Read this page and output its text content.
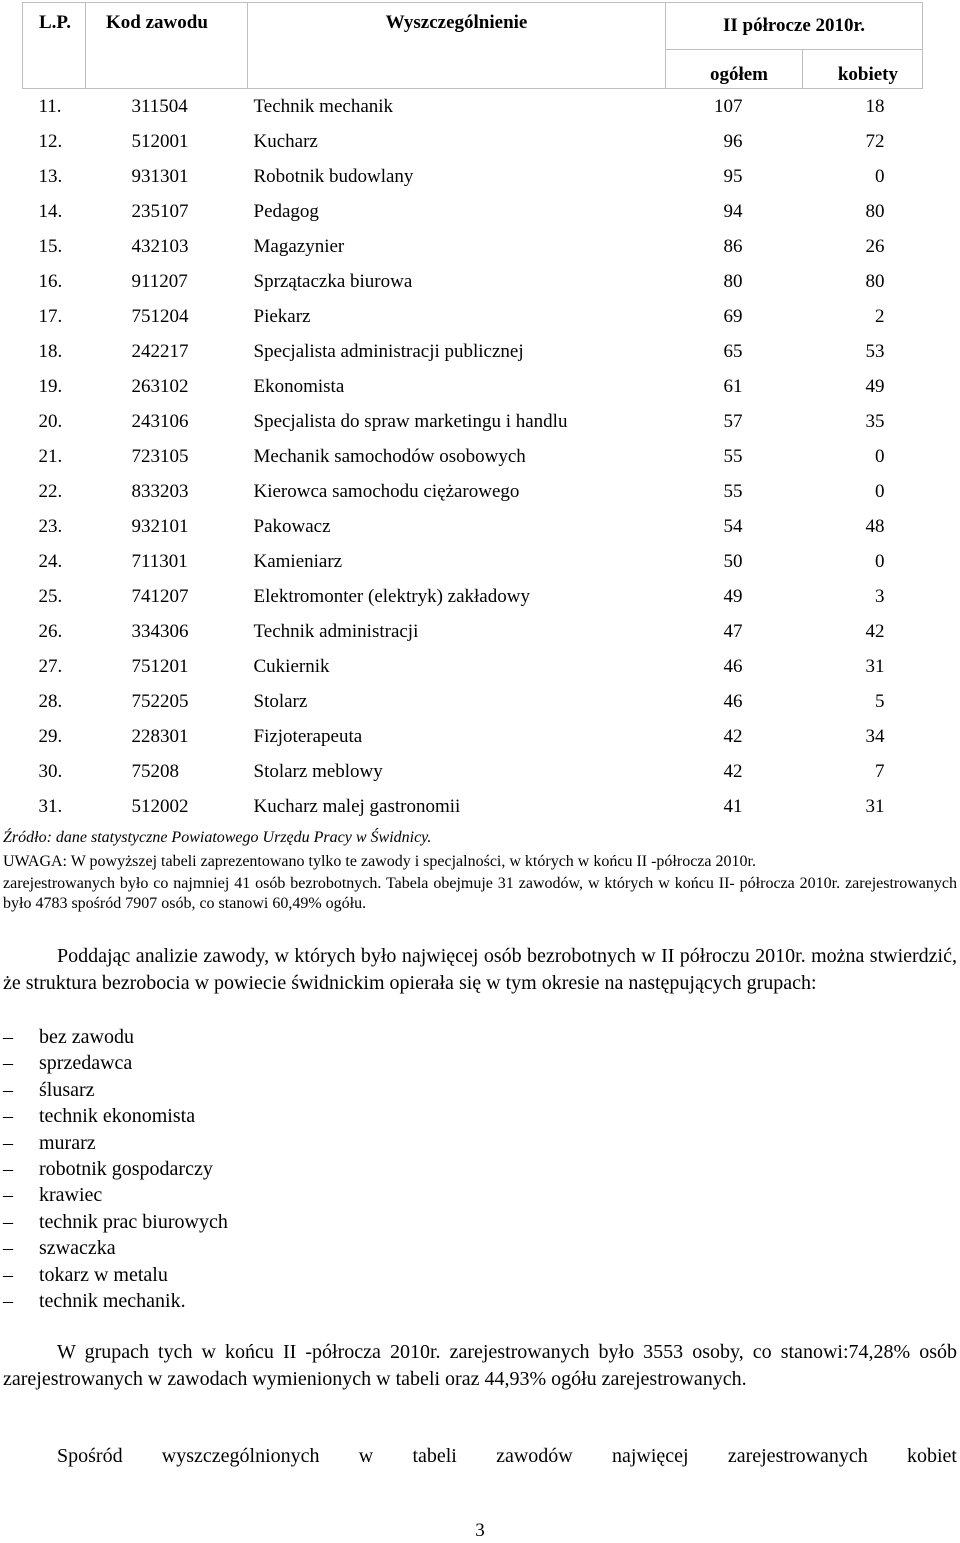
L.P.	Kod zawodu	Wyszczególnienie	II półrocze 2010r.	
			ogółem	kobiety
11.	311504	Technik mechanik	107	18
12.	512001	Kucharz	96	72
13.	931301	Robotnik budowlany	95	0
14.	235107	Pedagog	94	80
15.	432103	Magazynier	86	26
16.	911207	Sprzątaczka biurowa	80	80
17.	751204	Piekarz	69	2
18.	242217	Specjalista administracji publicznej	65	53
19.	263102	Ekonomista	61	49
20.	243106	Specjalista do spraw marketingu i handlu	57	35
21.	723105	Mechanik samochodów osobowych	55	0
22.	833203	Kierowca samochodu ciężarowego	55	0
23.	932101	Pakowacz	54	48
24.	711301	Kamieniarz	50	0
25.	741207	Elektromonter (elektryk) zakładowy	49	3
26.	334306	Technik administracji	47	42
27.	751201	Cukiernik	46	31
28.	752205	Stolarz	46	5
29.	228301	Fizjoterapeuta	42	34
30.	75208	Stolarz meblowy	42	7
31.	512002	Kucharz malej gastronomii	41	31
Źródło: dane statystyczne Powiatowego Urzędu Pracy w Świdnicy.
UWAGA: W powyższej tabeli zaprezentowano tylko te zawody i specjalności, w których w końcu II -półrocza 2010r.
zarejestrowanych było co najmniej 41 osób bezrobotnych. Tabela obejmuje 31 zawodów, w których w końcu II- półrocza 2010r. zarejestrowanych było 4783 spośród 7907 osób, co stanowi 60,49% ogółu.
Poddając analizie zawody, w których było najwięcej osób bezrobotnych w II półroczu 2010r. można stwierdzić, że struktura bezrobocia w powiecie świdnickim opierała się w tym okresie na następujących grupach:
–	bez zawodu
–	sprzedawca
–	ślusarz
–	technik ekonomista
–	murarz
–	robotnik gospodarczy
–	krawiec
–	technik prac biurowych
–	szwaczka
–	tokarz w metalu
–	technik mechanik.
W grupach tych w końcu II -półrocza 2010r. zarejestrowanych było 3553 osoby, co stanowi:74,28% osób zarejestrowanych w zawodach wymienionych w tabeli oraz 44,93% ogółu zarejestrowanych.
Spośród wyszczególnionych w tabeli zawodów najwięcej zarejestrowanych kobiet
3
